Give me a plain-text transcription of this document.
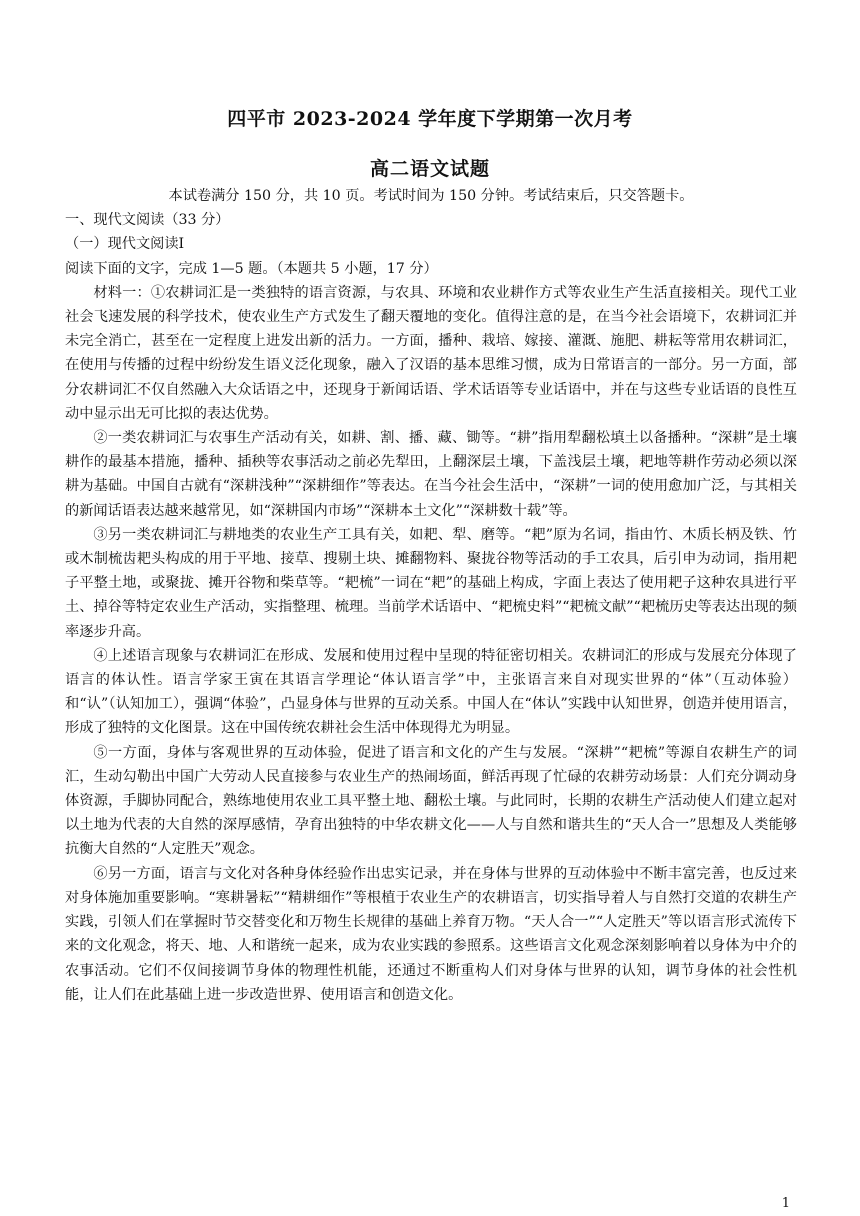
四平市 2023-2024 学年度下学期第一次月考
高二语文试题

本试卷满分 150 分，共 10 页。考试时间为 150 分钟。考试结束后，只交答题卡。

一、现代文阅读（33 分）

（一）现代文阅读Ⅰ

阅读下面的文字，完成 1—5 题。（本题共 5 小题，17 分）

材料一：①农耕词汇是一类独特的语言资源，与农具、环境和农业耕作方式等农业生产生活直接相关。现代工业社会飞速发展的科学技术，使农业生产方式发生了翻天覆地的变化。值得注意的是，在当今社会语境下，农耕词汇并未完全消亡，甚至在一定程度上进发出新的活力。一方面，播种、栽培、嫁接、灌溉、施肥、耕耘等常用农耕词汇，在使用与传播的过程中纷纷发生语义泛化现象，融入了汉语的基本思维习惯，成为日常语言的一部分。另一方面，部分农耕词汇不仅自然融入大众话语之中，还现身于新闻话语、学术话语等专业话语中，并在与这些专业话语的良性互动中显示出无可比拟的表达优势。

②一类农耕词汇与农事生产活动有关，如耕、割、播、藏、锄等。“耕”指用犁翻松填土以备播种。“深耕”是土壤耕作的最基本措施，播种、插秧等农事活动之前必先犁田，上翻深层土壤，下盖浅层土壤，耙地等耕作劳动必须以深耕为基础。中国自古就有“深耕浅种”“深耕细作”等表达。在当今社会生活中，“深耕”一词的使用愈加广泛，与其相关的新闻话语表达越来越常见，如“深耕国内市场”“深耕本土文化”“深耕数十载”等。

③另一类农耕词汇与耕地类的农业生产工具有关，如耙、犁、磨等。“耙”原为名词，指由竹、木质长柄及铁、竹或木制梳齿耙头构成的用于平地、接草、搜剔土块、摊翻物料、聚拢谷物等活动的手工农具，后引申为动词，指用耙子平整土地，或聚拢、摊开谷物和柴草等。“耙梳”一词在“耙”的基础上构成，字面上表达了使用耙子这种农具进行平土、掉谷等特定农业生产活动，实指整理、梳理。当前学术话语中、“耙梳史料”“耙梳文献”“耙梳历史等表达出现的频率逐步升高。

④上述语言现象与农耕词汇在形成、发展和使用过程中呈现的特征密切相关。农耕词汇的形成与发展充分体现了语言的体认性。语言学家王寅在其语言学理论“体认语言学”中，主张语言来自对现实世界的“体”（互动体验）和“认”（认知加工），强调“体验”，凸显身体与世界的互动关系。中国人在“体认”实践中认知世界，创造并使用语言，形成了独特的文化图景。这在中国传统农耕社会生活中体现得尤为明显。

⑤一方面，身体与客观世界的互动体验，促进了语言和文化的产生与发展。“深耕”“耙梳”等源自农耕生产的词汇，生动勾勒出中国广大劳动人民直接参与农业生产的热闹场面，鲜活再现了忙碌的农耕劳动场景：人们充分调动身体资源，手脚协同配合，熟练地使用农业工具平整土地、翻松土壤。与此同时，长期的农耕生产活动使人们建立起对以土地为代表的大自然的深厚感情，孕育出独特的中华农耕文化——人与自然和谐共生的“天人合一”思想及人类能够抗衡大自然的“人定胜天”观念。

⑥另一方面，语言与文化对各种身体经验作出忠实记录，并在身体与世界的互动体验中不断丰富完善，也反过来对身体施加重要影响。“寒耕暑耘”“精耕细作”等根植于农业生产的农耕语言，切实指导着人与自然打交道的农耕生产实践，引领人们在掌握时节交替变化和万物生长规律的基础上养育万物。“天人合一”“人定胜天”等以语言形式流传下来的文化观念，将天、地、人和谐统一起来，成为农业实践的参照系。这些语言文化观念深刻影响着以身体为中介的农事活动。它们不仅间接调节身体的物理性机能，还通过不断重构人们对身体与世界的认知，调节身体的社会性机能，让人们在此基础上进一步改造世界、使用语言和创造文化。

1
